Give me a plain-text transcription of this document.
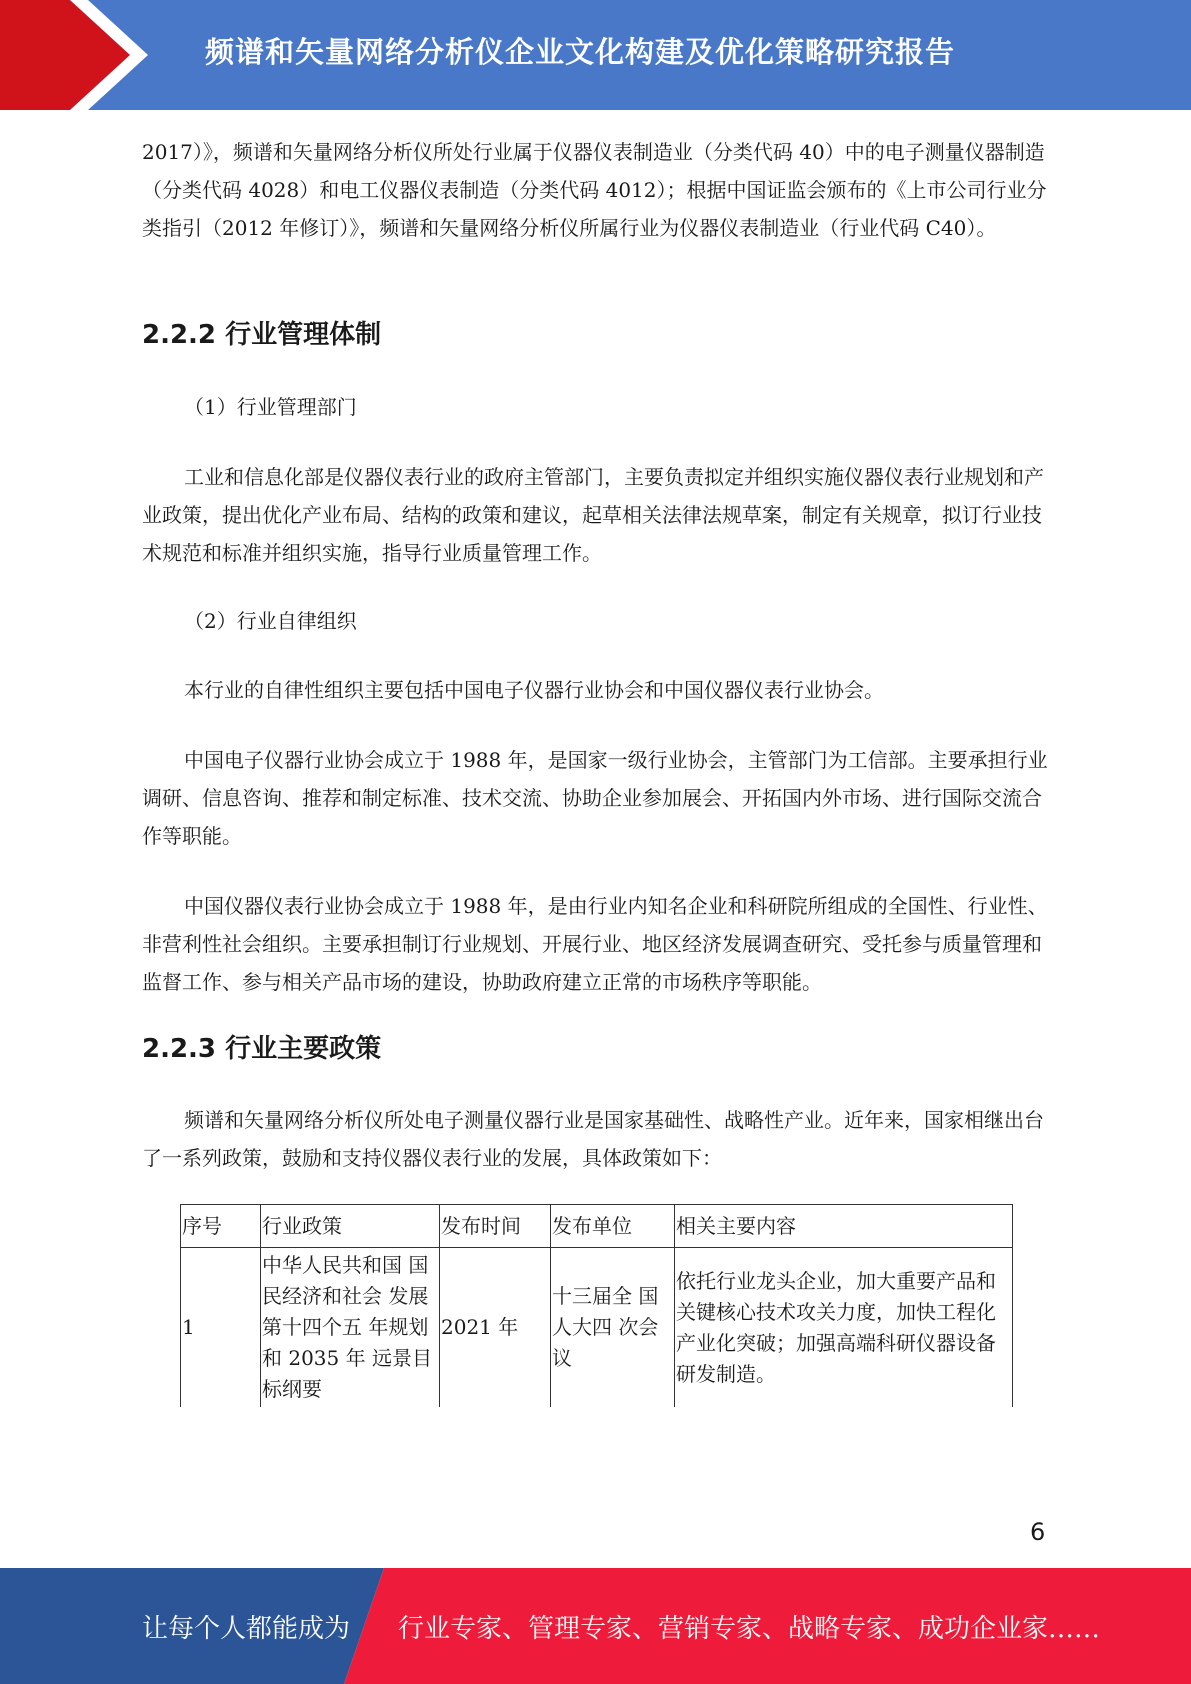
频谱和矢量网络分析仪企业文化构建及优化策略研究报告

2017）》，频谱和矢量网络分析仪所处行业属于仪器仪表制造业（分类代码 40）中的电子测量仪器制造（分类代码 4028）和电工仪器仪表制造（分类代码 4012）；根据中国证监会颁布的《上市公司行业分类指引（2012 年修订）》，频谱和矢量网络分析仪所属行业为仪器仪表制造业（行业代码 C40）。

2.2.2 行业管理体制

（1）行业管理部门

工业和信息化部是仪器仪表行业的政府主管部门，主要负责拟定并组织实施仪器仪表行业规划和产业政策，提出优化产业布局、结构的政策和建议，起草相关法律法规草案，制定有关规章，拟订行业技术规范和标准并组织实施，指导行业质量管理工作。

（2）行业自律组织

本行业的自律性组织主要包括中国电子仪器行业协会和中国仪器仪表行业协会。

中国电子仪器行业协会成立于 1988 年，是国家一级行业协会，主管部门为工信部。主要承担行业调研、信息咨询、推荐和制定标准、技术交流、协助企业参加展会、开拓国内外市场、进行国际交流合作等职能。

中国仪器仪表行业协会成立于 1988 年，是由行业内知名企业和科研院所组成的全国性、行业性、非营利性社会组织。主要承担制订行业规划、开展行业、地区经济发展调查研究、受托参与质量管理和监督工作、参与相关产品市场的建设，协助政府建立正常的市场秩序等职能。

2.2.3 行业主要政策

频谱和矢量网络分析仪所处电子测量仪器行业是国家基础性、战略性产业。近年来，国家相继出台了一系列政策，鼓励和支持仪器仪表行业的发展，具体政策如下：

序号	行业政策	发布时间	发布单位	相关主要内容
1	中华人民共和国 国民经济和社会 发展第十四个五 年规划和 2035 年 远景目标纲要	2021 年	十三届全 国人大四 次会议	依托行业龙头企业，加大重要产品和关键核心技术攻关力度，加快工程化产业化突破；加强高端科研仪器设备研发制造。
6
让每个人都能成为 行业专家、管理专家、营销专家、战略专家、成功企业家……
